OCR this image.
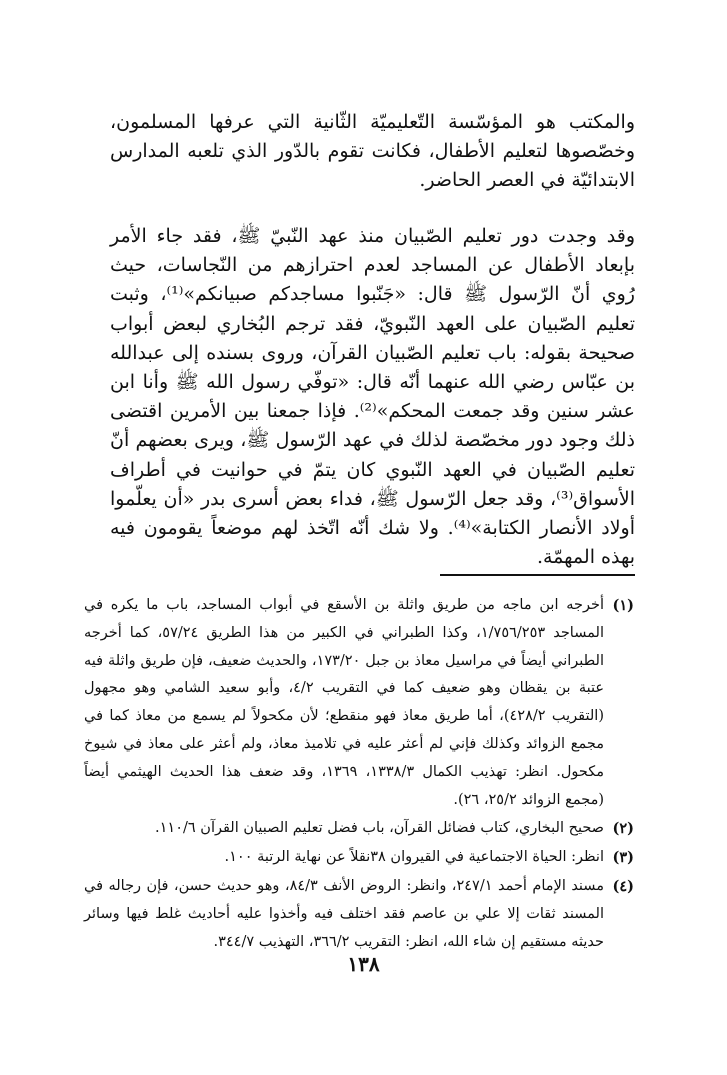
والمكتب هو المؤسّسة التّعليميّة الثّانية التي عرفها المسلمون، وخصّصوها لتعليم الأطفال، فكانت تقوم بالدّور الذي تلعبه المدارس الابتدائيّة في العصر الحاضر.

وقد وجدت دور تعليم الصّبيان منذ عهد النّبيّ ﷺ، فقد جاء الأمر بإبعاد الأطفال عن المساجد لعدم احترازهم من النّجاسات، حيث رُوي أنّ الرّسول ﷺ قال: «جَنّبوا مساجدكم صبيانكم»⁽¹⁾، وثبت تعليم الصّبيان على العهد النّبويّ، فقد ترجم البُخاري لبعض أبواب صحيحة بقوله: باب تعليم الصّبيان القرآن، وروى بسنده إلى عبدالله بن عبّاس رضي الله عنهما أنّه قال: «توفّي رسول الله ﷺ وأنا ابن عشر سنين وقد جمعت المحكم»⁽²⁾. فإذا جمعنا بين الأمرين اقتضى ذلك وجود دور مخصّصة لذلك في عهد الرّسول ﷺ، ويرى بعضهم أنّ تعليم الصّبيان في العهد النّبوي كان يتمّ في حوانيت في أطراف الأسواق⁽³⁾، وقد جعل الرّسول ﷺ، فداء بعض أسرى بدر «أن يعلّموا أولاد الأنصار الكتابة»⁽⁴⁾. ولا شك أنّه اتّخذ لهم موضعاً يقومون فيه بهذه المهمّة.

(١)
أخرجه ابن ماجه من طريق واثلة بن الأسقع في أبواب المساجد، باب ما يكره في المساجد ١/٧٥٦/٢٥٣، وكذا الطبراني في الكبير من هذا الطريق ٥٧/٢٤، كما أخرجه الطبراني أيضاً في مراسيل معاذ بن جبل ١٧٣/٢٠، والحديث ضعيف، فإن طريق واثلة فيه عتبة بن يقظان وهو ضعيف كما في التقريب ٤/٢، وأبو سعيد الشامي وهو مجهول (التقريب ٤٢٨/٢)، أما طريق معاذ فهو منقطع؛ لأن مكحولاً لم يسمع من معاذ كما في مجمع الزوائد وكذلك فإني لم أعثر عليه في تلاميذ معاذ، ولم أعثر على معاذ في شيوخ مكحول. انظر: تهذيب الكمال ١٣٣٨/٣، ١٣٦٩، وقد ضعف هذا الحديث الهيثمي أيضاً (مجمع الزوائد ٢٥/٢، ٢٦).
(٢)
صحيح البخاري، كتاب فضائل القرآن، باب فضل تعليم الصبيان القرآن ١١٠/٦.
(٣)
انظر: الحياة الاجتماعية في القيروان ٣٨نقلاً عن نهاية الرتبة ١٠٠.
(٤)
مسند الإمام أحمد ٢٤٧/١، وانظر: الروض الأنف ٨٤/٣، وهو حديث حسن، فإن رجاله في المسند ثقات إلا علي بن عاصم فقد اختلف فيه وأخذوا عليه أحاديث غلط فيها وسائر حديثه مستقيم إن شاء الله، انظر: التقريب ٣٦٦/٢، التهذيب ٣٤٤/٧.
١٣٨
